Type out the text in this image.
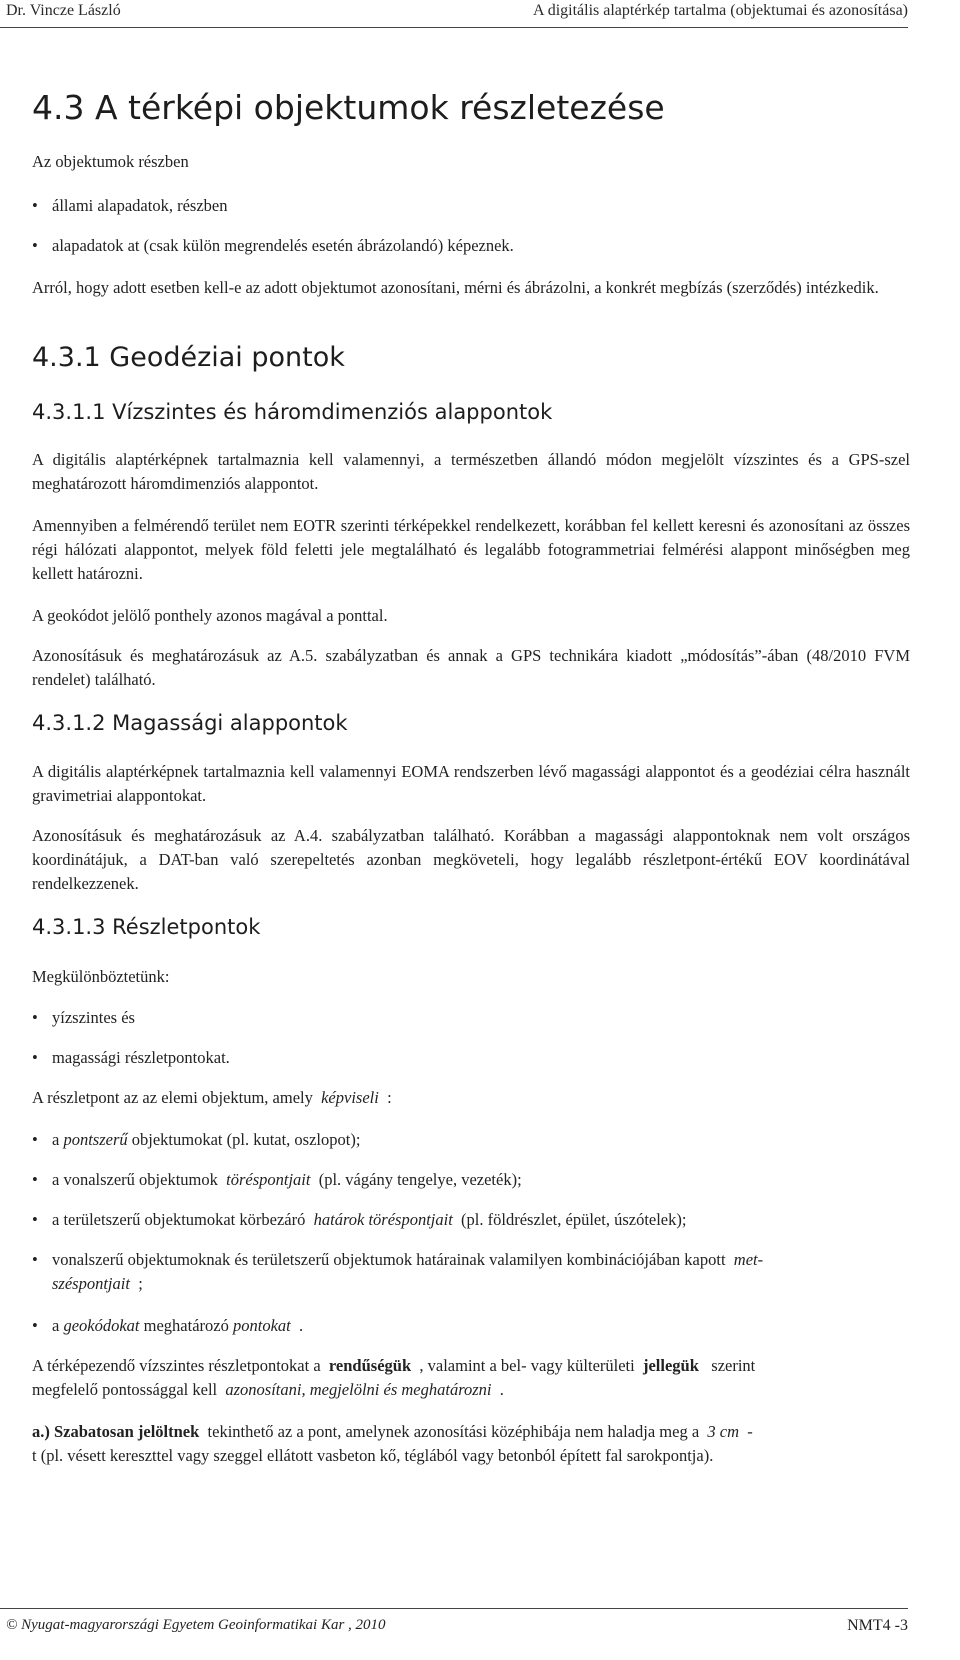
Dr. Vincze László	A digitális alaptérkép tartalma (objektumai és azonosítása)
4.3 A térképi objektumok részletezése
Az objektumok részben
• állami alapadatok, részben
• alapadatok at (csak külön megrendelés esetén ábrázolandó) képeznek.
Arról, hogy adott esetben kell-e az adott objektumot azonosítani, mérni és ábrázolni, a konkrét megbízás (szerződés) intézkedik.
4.3.1 Geodéziai pontok
4.3.1.1 Vízszintes és háromdimenziós alappontok
A digitális alaptérképnek tartalmaznia kell valamennyi, a természetben állandó módon megjelölt vízszintes és a GPS-szel meghatározott háromdimenziós alappontot.
Amennyiben a felmérendő terület nem EOTR szerinti térképekkel rendelkezett, korábban fel kellett keresni és azonosítani az összes régi hálózati alappontot, melyek föld feletti jele megtalálható és legalább fotogrammetriai felmérési alappont minőségben meg kellett határozni.
A geokódot jelölő ponthely azonos magával a ponttal.
Azonosításuk és meghatározásuk az A.5. szabályzatban és annak a GPS technikára kiadott „módosítás”-ában (48/2010 FVM rendelet) található.
4.3.1.2 Magassági alappontok
A digitális alaptérképnek tartalmaznia kell valamennyi EOMA rendszerben lévő magassági alappontot és a geodéziai célra használt gravimetriai alappontokat.
Azonosításuk és meghatározásuk az A.4. szabályzatban található. Korábban a magassági alappontoknak nem volt országos koordinátájuk, a DAT-ban való szerepeltetés azonban megköveteli, hogy legalább részletpont-értékű EOV koordinátával rendelkezzenek.
4.3.1.3 Részletpontok
Megkülönböztetünk:
• yízszintes és
• magassági részletpontokat.
A részletpont az az elemi objektum, amely képviseli :
• a pontszerű objektumokat (pl. kutat, oszlopot);
• a vonalszerű objektumok töréspontjait (pl. vágány tengelye, vezeték);
• a területszerű objektumokat körbezáró határok töréspontjait (pl. földrészlet, épület, úszótelek);
• vonalszerű objektumoknak és területszerű objektumok határainak valamilyen kombinációjában kapott met-
széspontjait ;
• a geokódokat meghatározó pontokat .
A térképezendő vízszintes részletpontokat a rendűségük , valamint a bel- vagy külterületi jellegük szerint
megfelelő pontossággal kell azonosítani, megjelölni és meghatározni .
a.) Szabatosan jelöltnek tekinthető az a pont, amelynek azonosítási középhibája nem haladja meg a 3 cm -
t (pl. vésett kereszttel vagy szeggel ellátott vasbeton kő, téglából vagy betonból épített fal sarokpontja).
© Nyugat-magyarországi Egyetem Geoinformatikai Kar , 2010	NMT4 -3
